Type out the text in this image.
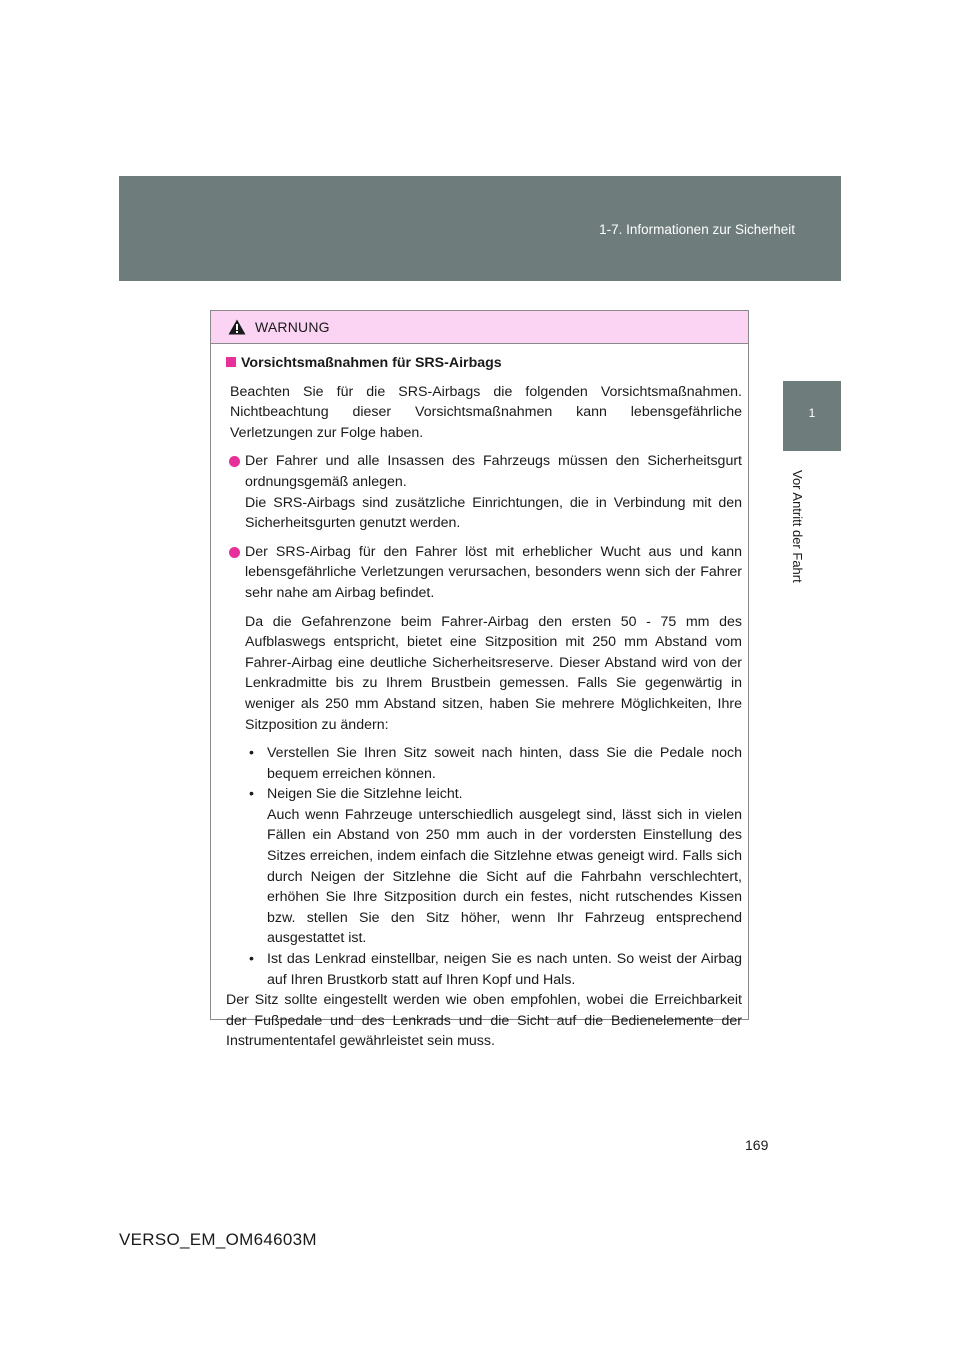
1-7. Informationen zur Sicherheit
1
Vor Antritt der Fahrt
WARNUNG
Vorsichtsmaßnahmen für SRS-Airbags
Beachten Sie für die SRS-Airbags die folgenden Vorsichtsmaßnahmen. Nichtbeachtung dieser Vorsichtsmaßnahmen kann lebensgefährliche Verletzungen zur Folge haben.
Der Fahrer und alle Insassen des Fahrzeugs müssen den Sicherheitsgurt ordnungsgemäß anlegen.
Die SRS-Airbags sind zusätzliche Einrichtungen, die in Verbindung mit den Sicherheitsgurten genutzt werden.
Der SRS-Airbag für den Fahrer löst mit erheblicher Wucht aus und kann lebensgefährliche Verletzungen verursachen, besonders wenn sich der Fahrer sehr nahe am Airbag befindet.
Da die Gefahrenzone beim Fahrer-Airbag den ersten 50 - 75 mm des Aufblaswegs entspricht, bietet eine Sitzposition mit 250 mm Abstand vom Fahrer-Airbag eine deutliche Sicherheitsreserve. Dieser Abstand wird von der Lenkradmitte bis zu Ihrem Brustbein gemessen. Falls Sie gegenwärtig in weniger als 250 mm Abstand sitzen, haben Sie mehrere Möglichkeiten, Ihre Sitzposition zu ändern:
• Verstellen Sie Ihren Sitz soweit nach hinten, dass Sie die Pedale noch bequem erreichen können.
• Neigen Sie die Sitzlehne leicht.
Auch wenn Fahrzeuge unterschiedlich ausgelegt sind, lässt sich in vielen Fällen ein Abstand von 250 mm auch in der vordersten Einstellung des Sitzes erreichen, indem einfach die Sitzlehne etwas geneigt wird. Falls sich durch Neigen der Sitzlehne die Sicht auf die Fahrbahn verschlechtert, erhöhen Sie Ihre Sitzposition durch ein festes, nicht rutschendes Kissen bzw. stellen Sie den Sitz höher, wenn Ihr Fahrzeug entsprechend ausgestattet ist.
• Ist das Lenkrad einstellbar, neigen Sie es nach unten. So weist der Airbag auf Ihren Brustkorb statt auf Ihren Kopf und Hals.
Der Sitz sollte eingestellt werden wie oben empfohlen, wobei die Erreichbarkeit der Fußpedale und des Lenkrads und die Sicht auf die Bedienelemente der Instrumententafel gewährleistet sein muss.
169
VERSO_EM_OM64603M
